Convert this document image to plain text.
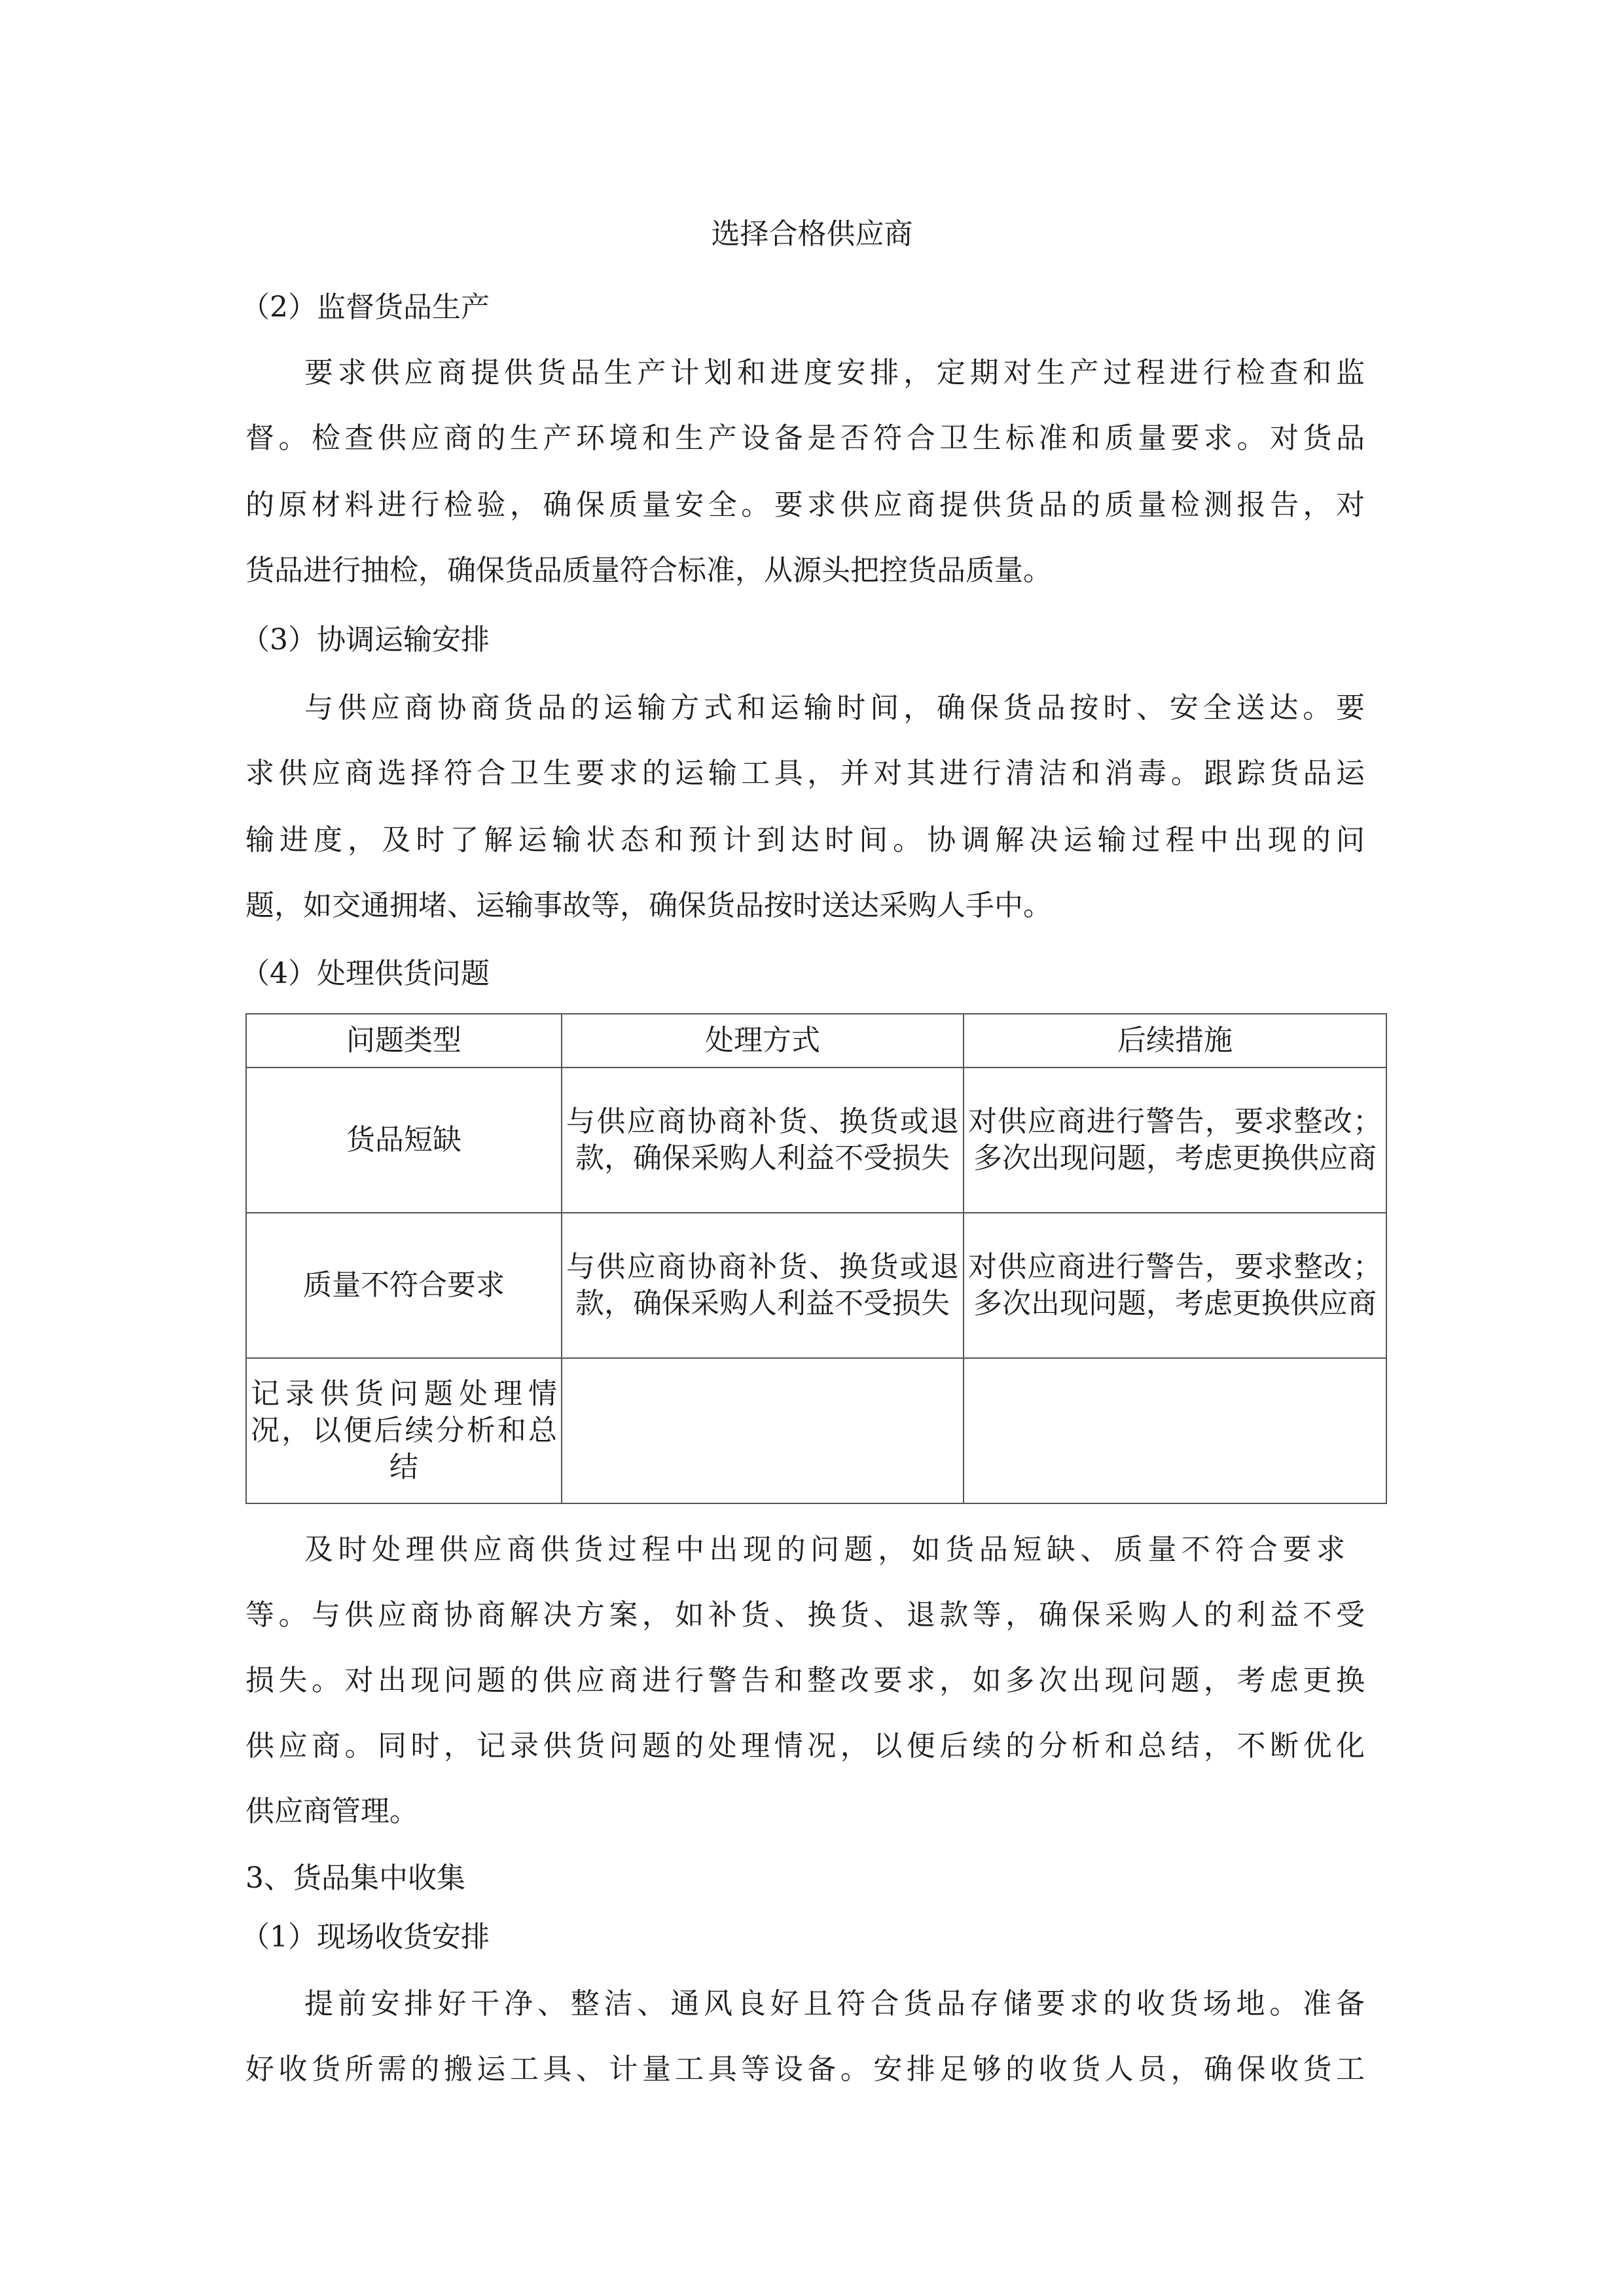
选择合格供应商

（2）监督货品生产

要求供应商提供货品生产计划和进度安排，定期对生产过程进行检查和监

督。检查供应商的生产环境和生产设备是否符合卫生标准和质量要求。对货品

的原材料进行检验，确保质量安全。要求供应商提供货品的质量检测报告，对

货品进行抽检，确保货品质量符合标准，从源头把控货品质量。

（3）协调运输安排

与供应商协商货品的运输方式和运输时间，确保货品按时、安全送达。要

求供应商选择符合卫生要求的运输工具，并对其进行清洁和消毒。跟踪货品运

输进度，及时了解运输状态和预计到达时间。协调解决运输过程中出现的问

题，如交通拥堵、运输事故等，确保货品按时送达采购人手中。

（4）处理供货问题

问题类型	处理方式	后续措施
货品短缺	与供应商协商补货、换货或退款，确保采购人利益不受损失	对供应商进行警告，要求整改；多次出现问题，考虑更换供应商
质量不符合要求	与供应商协商补货、换货或退款，确保采购人利益不受损失	对供应商进行警告，要求整改；多次出现问题，考虑更换供应商
记录供货问题处理情况，以便后续分析和总结		

及时处理供应商供货过程中出现的问题，如货品短缺、质量不符合要求

等。与供应商协商解决方案，如补货、换货、退款等，确保采购人的利益不受

损失。对出现问题的供应商进行警告和整改要求，如多次出现问题，考虑更换

供应商。同时，记录供货问题的处理情况，以便后续的分析和总结，不断优化

供应商管理。

3、货品集中收集

（1）现场收货安排

提前安排好干净、整洁、通风良好且符合货品存储要求的收货场地。准备

好收货所需的搬运工具、计量工具等设备。安排足够的收货人员，确保收货工
